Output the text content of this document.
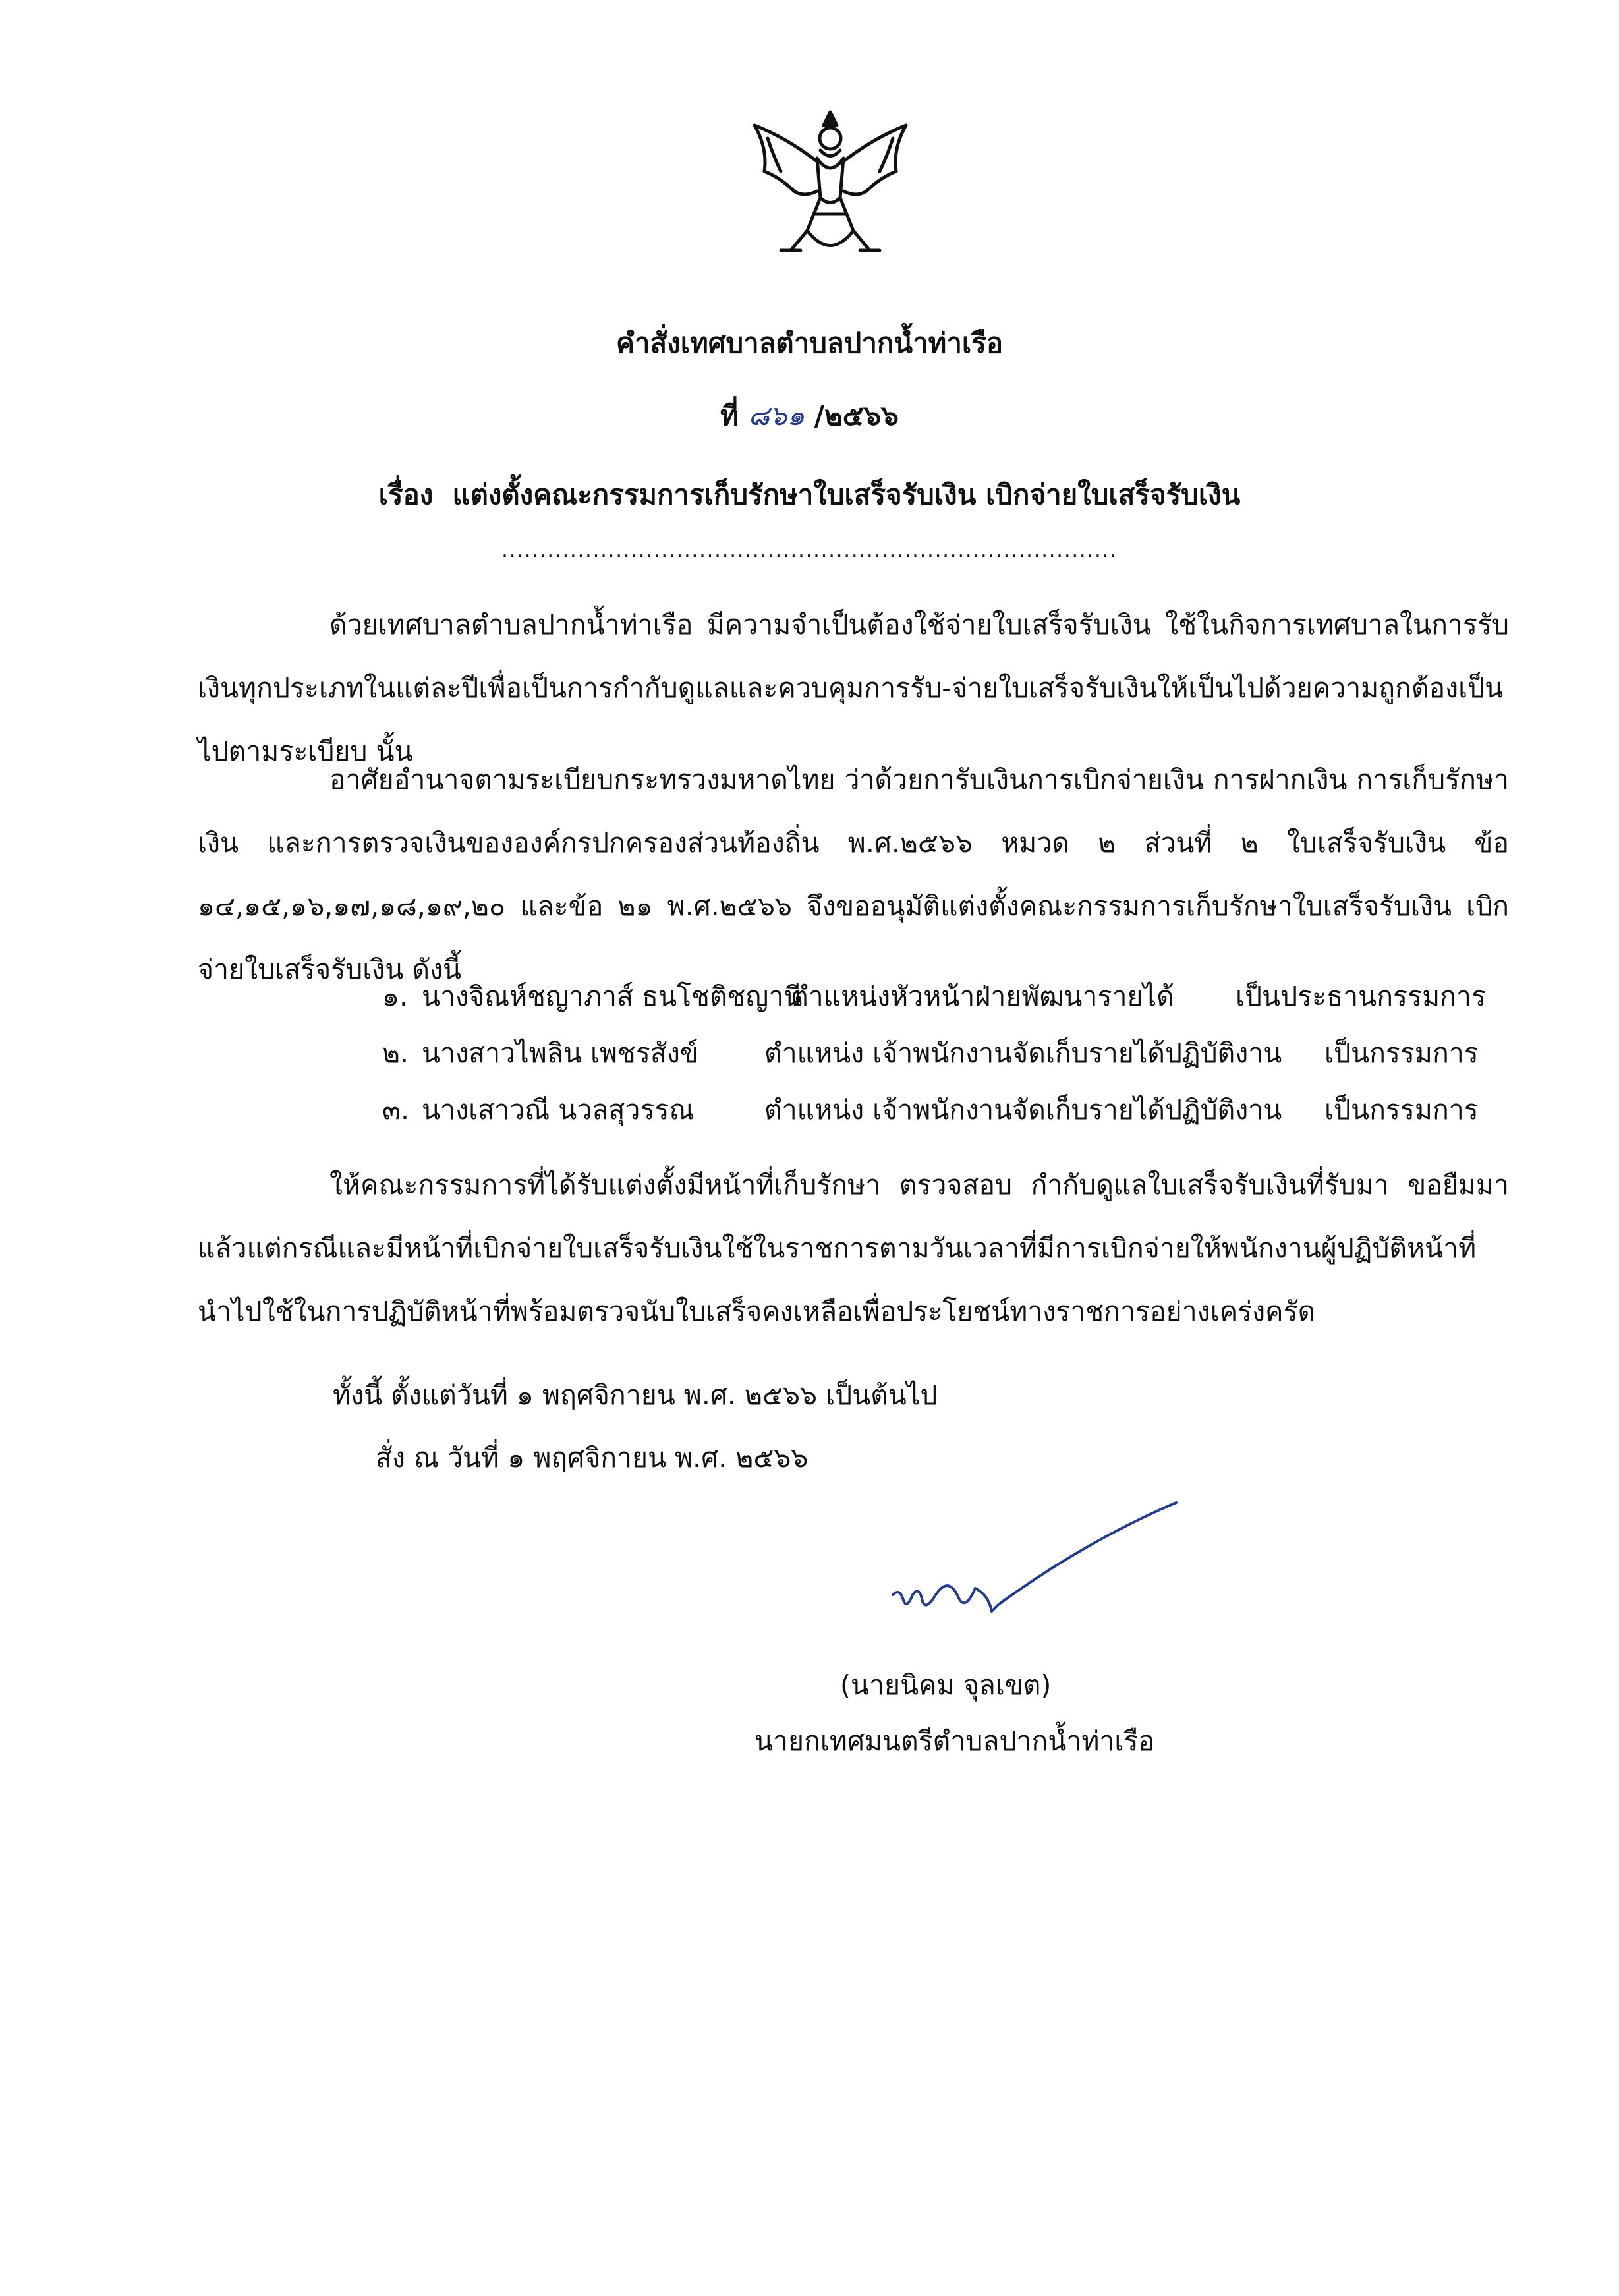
คำสั่งเทศบาลตำบลปากน้ำท่าเรือ
ที่ ๘๖๑ /๒๕๖๖
เรื่อง แต่งตั้งคณะกรรมการเก็บรักษาใบเสร็จรับเงิน เบิกจ่ายใบเสร็จรับเงิน
.................................................................................

ด้วยเทศบาลตำบลปากน้ำท่าเรือ มีความจำเป็นต้องใช้จ่ายใบเสร็จรับเงิน ใช้ในกิจการเทศบาลในการรับเงินทุกประเภทในแต่ละปีเพื่อเป็นการกำกับดูแลและควบคุมการรับ-จ่ายใบเสร็จรับเงินให้เป็นไปด้วยความถูกต้องเป็นไปตามระเบียบ นั้น

อาศัยอำนาจตามระเบียบกระทรวงมหาดไทย ว่าด้วยการับเงินการเบิกจ่ายเงิน การฝากเงิน การเก็บรักษาเงิน และการตรวจเงินขององค์กรปกครองส่วนท้องถิ่น พ.ศ.๒๕๖๖ หมวด ๒ ส่วนที่ ๒ ใบเสร็จรับเงิน ข้อ ๑๔,๑๕,๑๖,๑๗,๑๘,๑๙,๒๐ และข้อ ๒๑ พ.ศ.๒๕๖๖ จึงขออนุมัติแต่งตั้งคณะกรรมการเก็บรักษาใบเสร็จรับเงิน เบิกจ่ายใบเสร็จรับเงิน ดังนี้

๑. นางจิณห์ชญาภาส์ ธนโชติชญานี
ตำแหน่งหัวหน้าฝ่ายพัฒนารายได้ เป็นประธานกรรมการ
๒. นางสาวไพลิน เพชรสังข์ ตำแหน่ง เจ้าพนักงานจัดเก็บรายได้ปฏิบัติงาน เป็นกรรมการ
๓. นางเสาวณี นวลสุวรรณ	ตำแหน่ง เจ้าพนักงานจัดเก็บรายได้ปฏิบัติงาน เป็นกรรมการ

ให้คณะกรรมการที่ได้รับแต่งตั้งมีหน้าที่เก็บรักษา ตรวจสอบ กำกับดูแลใบเสร็จรับเงินที่รับมา ขอยืมมาแล้วแต่กรณีและมีหน้าที่เบิกจ่ายใบเสร็จรับเงินใช้ในราชการตามวันเวลาที่มีการเบิกจ่ายให้พนักงานผู้ปฏิบัติหน้าที่นำไปใช้ในการปฏิบัติหน้าที่พร้อมตรวจนับใบเสร็จคงเหลือเพื่อประโยชน์ทางราชการอย่างเคร่งครัด

ทั้งนี้ ตั้งแต่วันที่ ๑ พฤศจิกายน พ.ศ. ๒๕๖๖ เป็นต้นไป
สั่ง ณ วันที่ ๑ พฤศจิกายน พ.ศ. ๒๕๖๖
(นายนิคม จุลเขต)
นายกเทศมนตรีตำบลปากน้ำท่าเรือ
